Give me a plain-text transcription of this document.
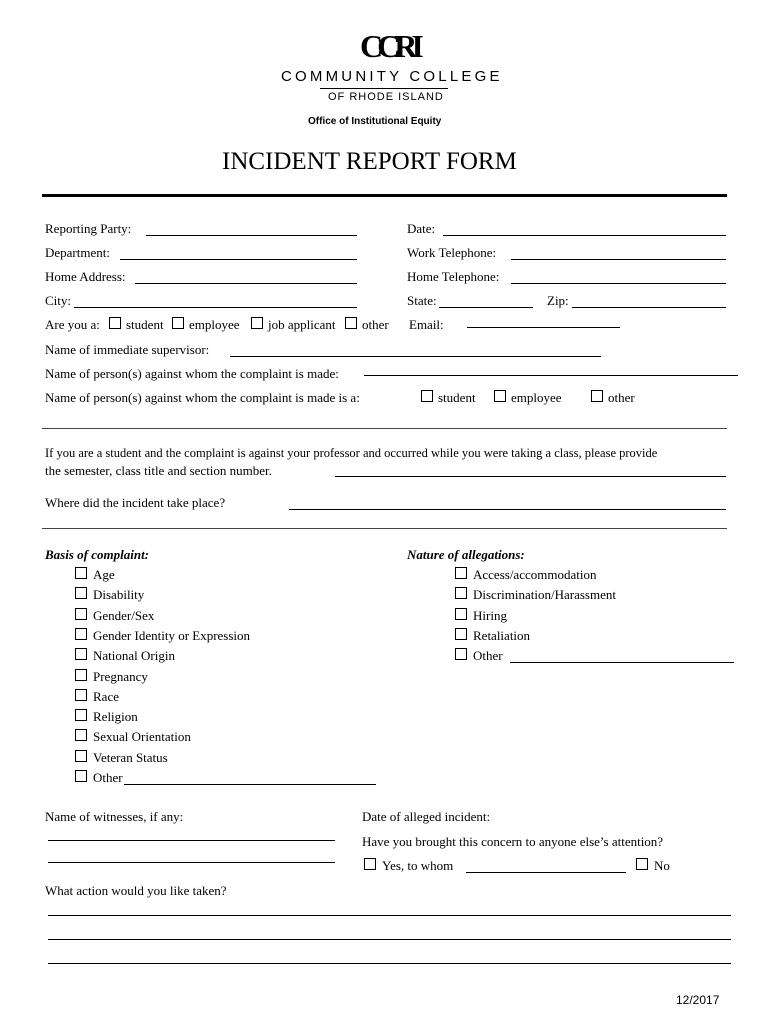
CCRI
COMMUNITY COLLEGE
OF RHODE ISLAND
Office of Institutional Equity
INCIDENT REPORT FORM
Reporting Party:	Date:
Department:	Work Telephone:
Home Address:	Home Telephone:
City:	State:	Zip:
Are you a: student employee job applicant other Email:
Name of immediate supervisor:
Name of person(s) against whom the complaint is made:
Name of person(s) against whom the complaint is made is a:	student	employee	other
If you are a student and the complaint is against your professor and occurred while you were taking a class, please provide
the semester, class title and section number.
Where did the incident take place?
Basis of complaint:
Age
Disability
Gender/Sex
Gender Identity or Expression
National Origin
Pregnancy
Race
Religion
Sexual Orientation
Veteran Status
Other
Nature of allegations:
Access/accommodation
Discrimination/Harassment
Hiring
Retaliation
Other
Name of witnesses, if any:	Date of alleged incident:
Have you brought this concern to anyone else’s attention?
Yes, to whom	No
What action would you like taken?
12/2017
